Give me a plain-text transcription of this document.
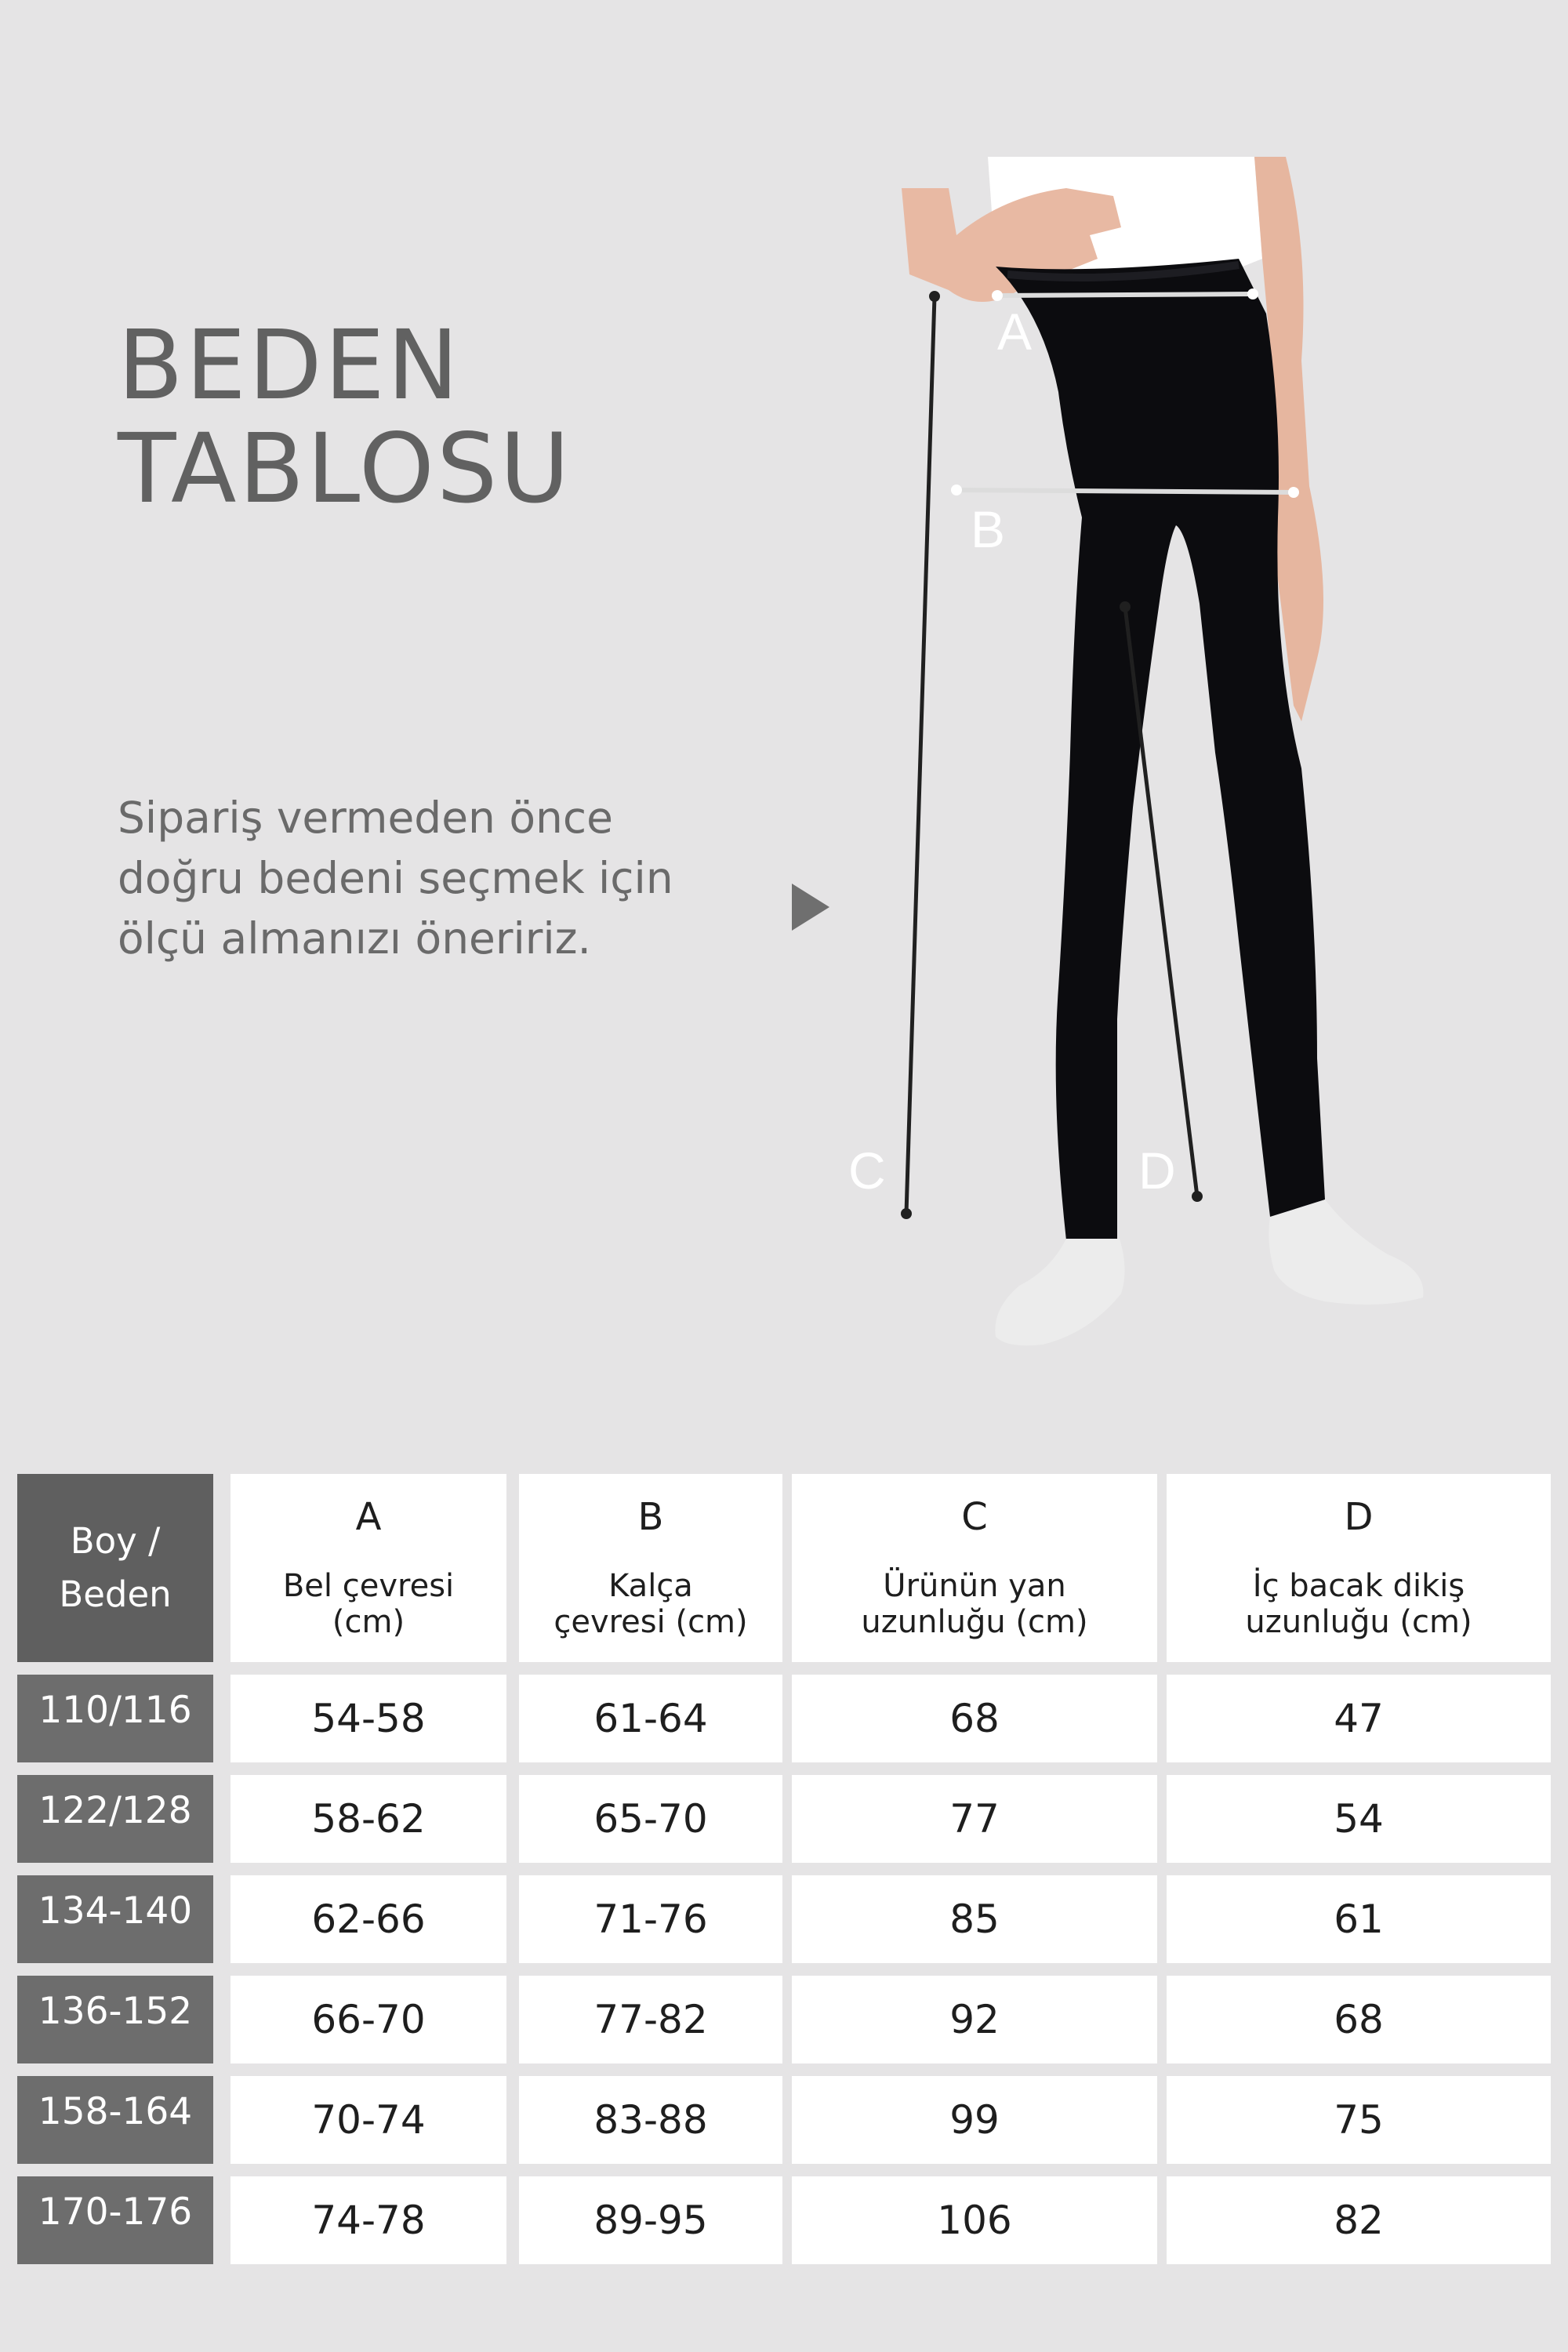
BEDEN
TABLOSU
Sipariş vermeden önce
doğru bedeni seçmek için
ölçü almanızı öneririz.
A
B
C	D
Boy /
Beden
A
Bel çevresi
(cm)
B
Kalça
çevresi (cm)
C
Ürünün yan
uzunluğu (cm)
D
İç bacak dikiş
uzunluğu (cm)
110/116	54-58	61-64	68	47
122/128	58-62	65-70	77	54
134-140	62-66	71-76	85	61
136-152	66-70	77-82	92	68
158-164	70-74	83-88	99	75
170-176	74-78	89-95	106	82
